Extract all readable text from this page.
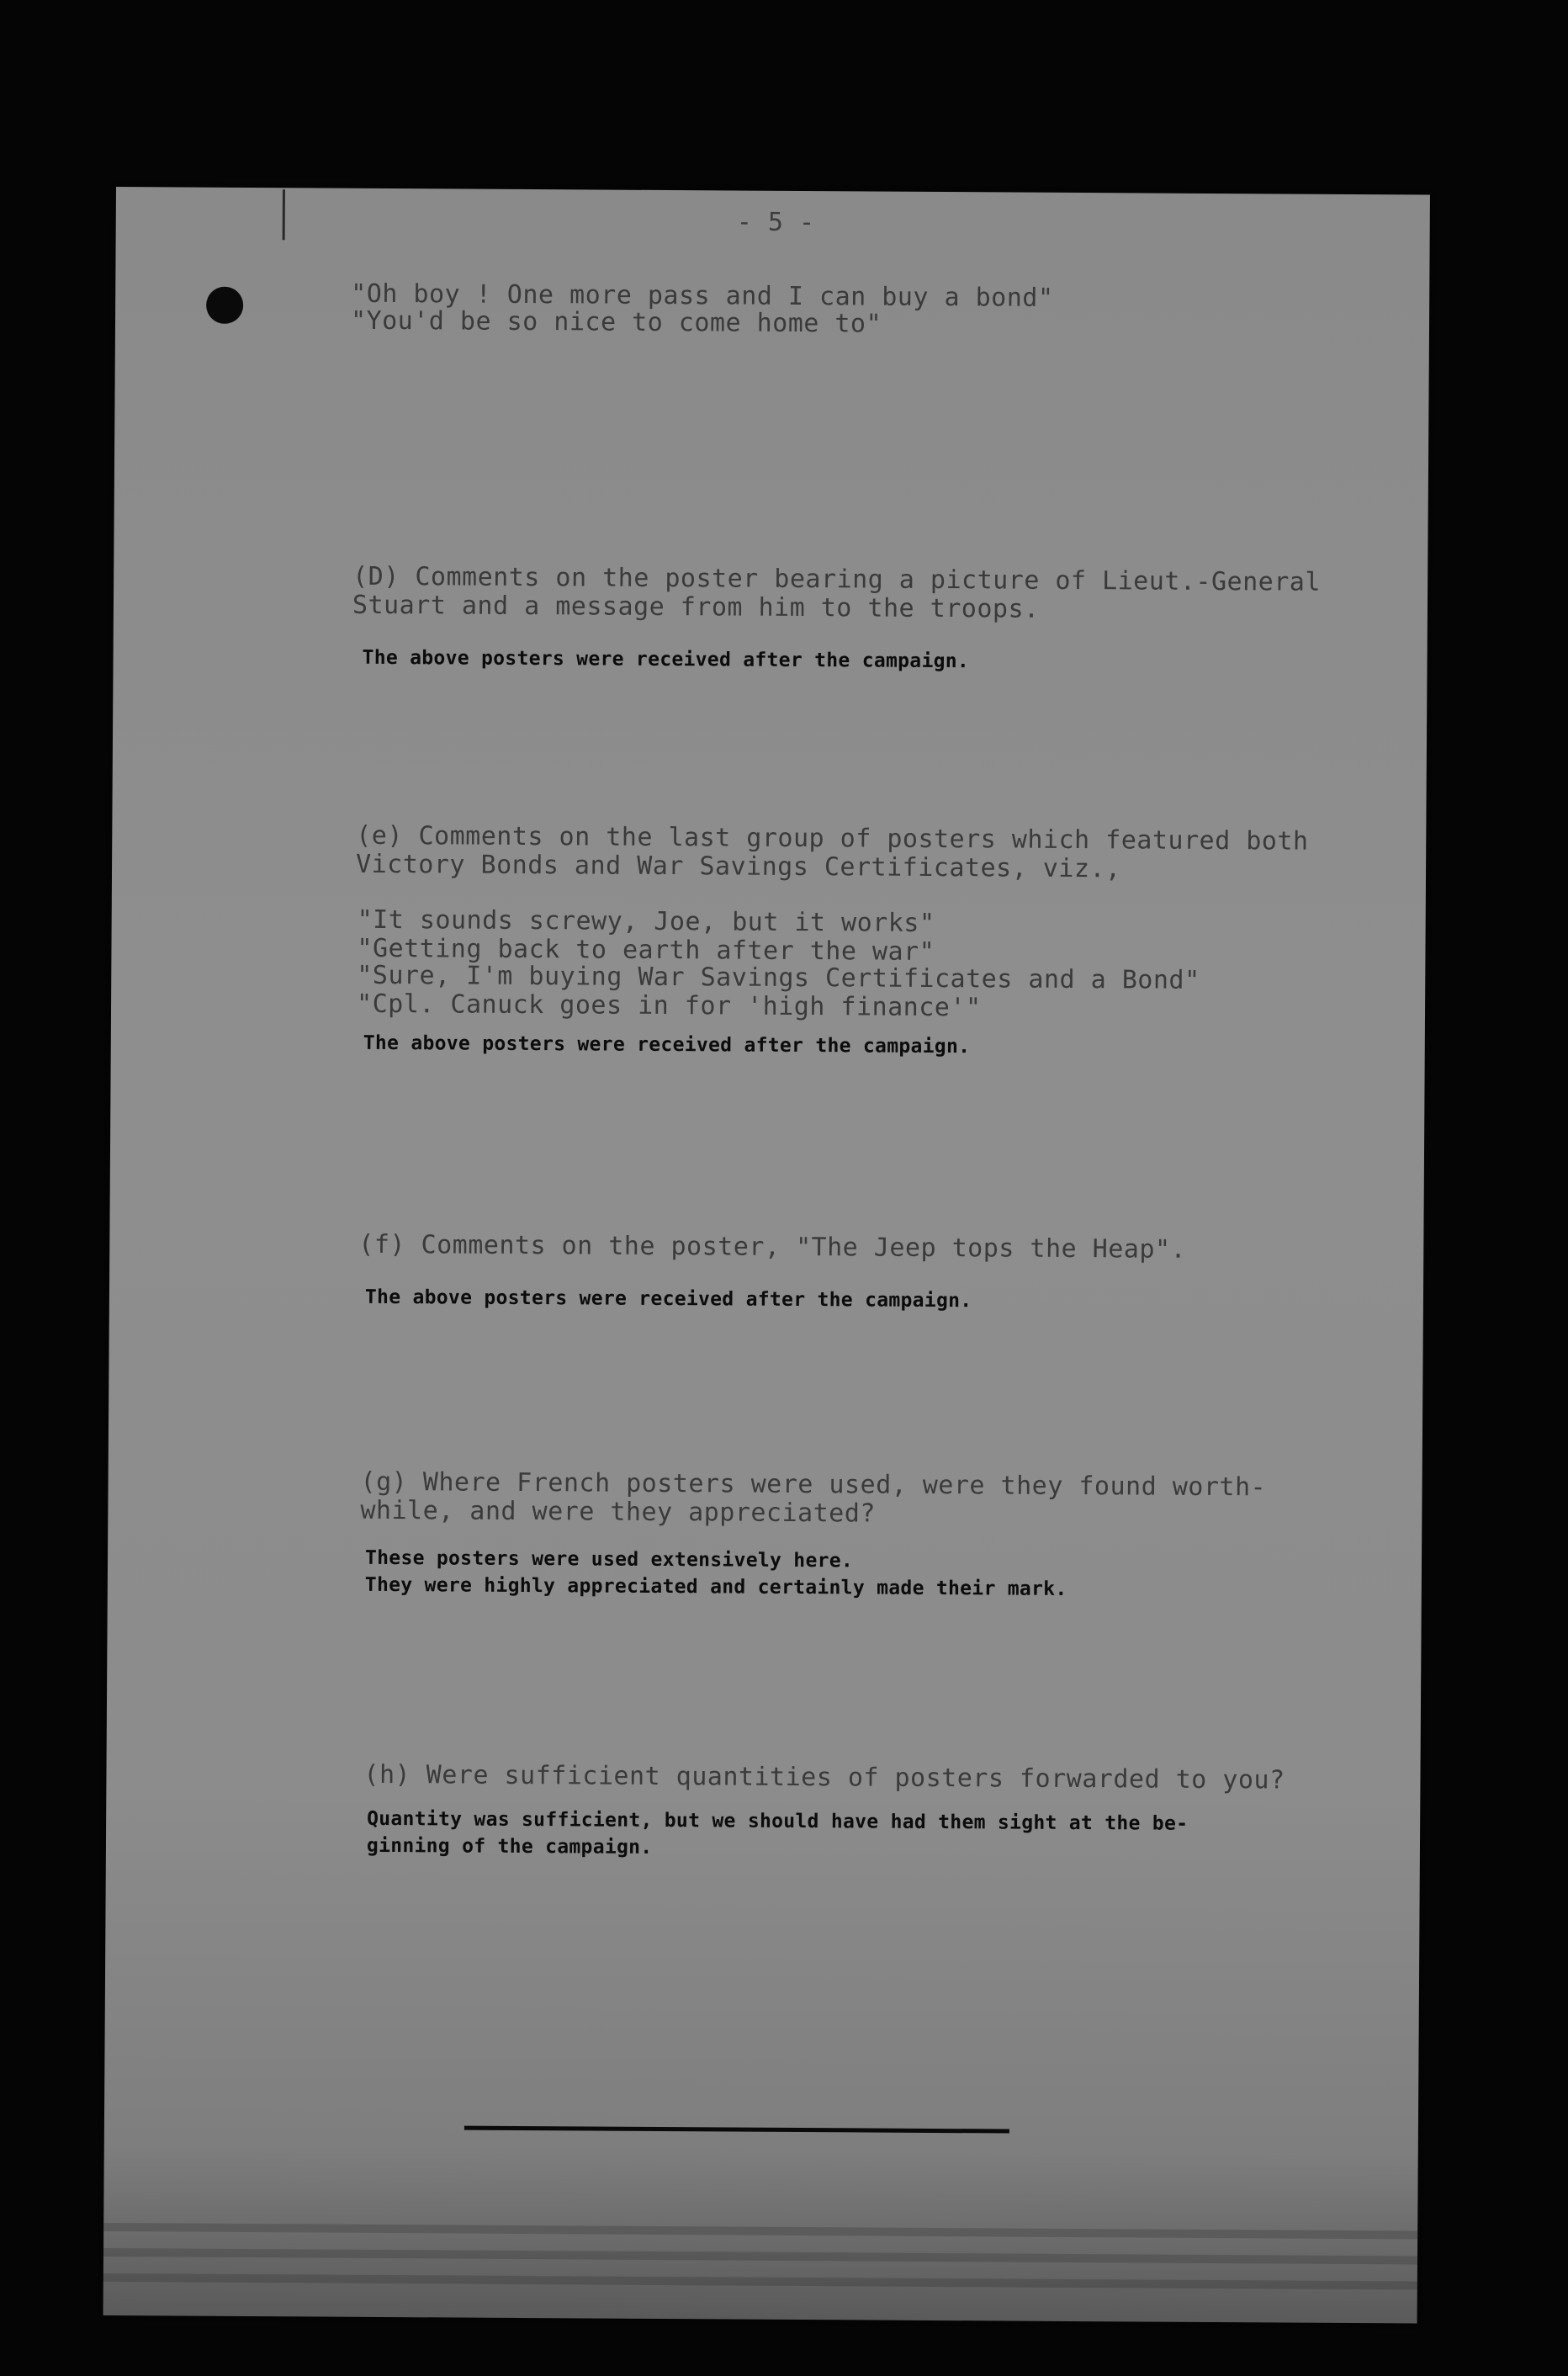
- 5 -
"Oh boy ! One more pass and I can buy a bond"
"You'd be so nice to come home to"
(D) Comments on the poster bearing a picture of Lieut.-General
Stuart and a message from him to the troops.
The above posters were received after the campaign.
(e) Comments on the last group of posters which featured both
Victory Bonds and War Savings Certificates, viz.,
"It sounds screwy, Joe, but it works"
"Getting back to earth after the war"
"Sure, I'm buying War Savings Certificates and a Bond"
"Cpl. Canuck goes in for 'high finance'"
The above posters were received after the campaign.
(f) Comments on the poster, "The Jeep tops the Heap".
The above posters were received after the campaign.
(g) Where French posters were used, were they found worth-
while, and were they appreciated?
These posters were used extensively here.
They were highly appreciated and certainly made their mark.
(h) Were sufficient quantities of posters forwarded to you?
Quantity was sufficient, but we should have had them sight at the be-
ginning of the campaign.
